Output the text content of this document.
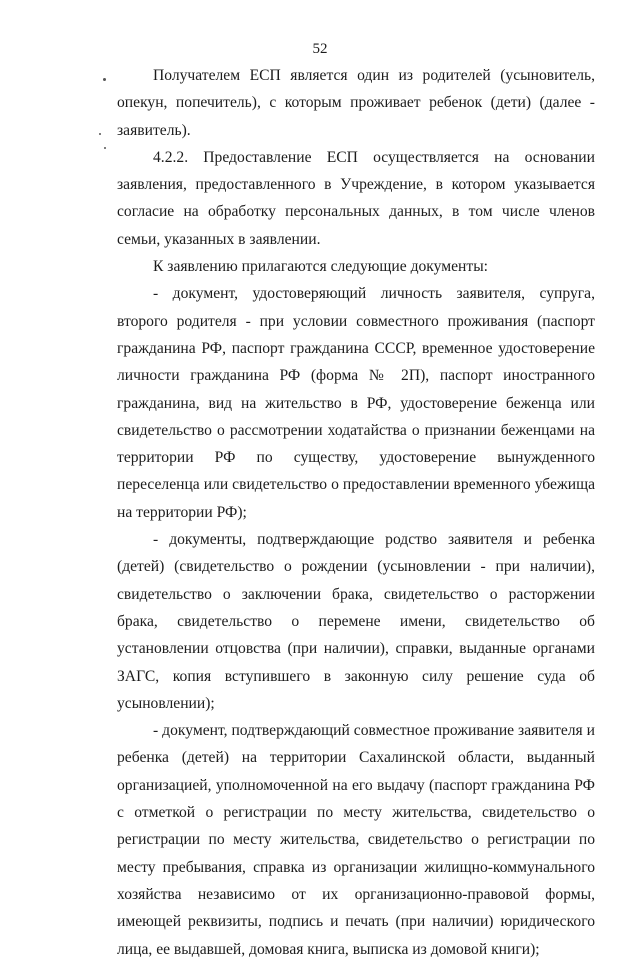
52

Получателем ЕСП является один из родителей (усыновитель, опекун, попечитель), с которым проживает ребенок (дети) (далее - заявитель).

4.2.2. Предоставление ЕСП осуществляется на основании заявления, предоставленного в Учреждение, в котором указывается согласие на обработку персональных данных, в том числе членов семьи, указанных в заявлении.

К заявлению прилагаются следующие документы:

- документ, удостоверяющий личность заявителя, супруга, второго родителя - при условии совместного проживания (паспорт гражданина РФ, паспорт гражданина СССР, временное удостоверение личности гражданина РФ (форма № 2П), паспорт иностранного гражданина, вид на жительство в РФ, удостоверение беженца или свидетельство о рассмотрении ходатайства о признании беженцами на территории РФ по существу, удостоверение вынужденного переселенца или свидетельство о предоставлении временного убежища на территории РФ);

- документы, подтверждающие родство заявителя и ребенка (детей) (свидетельство о рождении (усыновлении - при наличии), свидетельство о заключении брака, свидетельство о расторжении брака, свидетельство о перемене имени, свидетельство об установлении отцовства (при наличии), справки, выданные органами ЗАГС, копия вступившего в законную силу решение суда об усыновлении);

- документ, подтверждающий совместное проживание заявителя и ребенка (детей) на территории Сахалинской области, выданный организацией, уполномоченной на его выдачу (паспорт гражданина РФ с отметкой о регистрации по месту жительства, свидетельство о регистрации по месту жительства, свидетельство о регистрации по месту пребывания, справка из организации жилищно-коммунального хозяйства независимо от их организационно-правовой формы, имеющей реквизиты, подпись и печать (при наличии) юридического лица, ее выдавшей, домовая книга, выписка из домовой книги);
